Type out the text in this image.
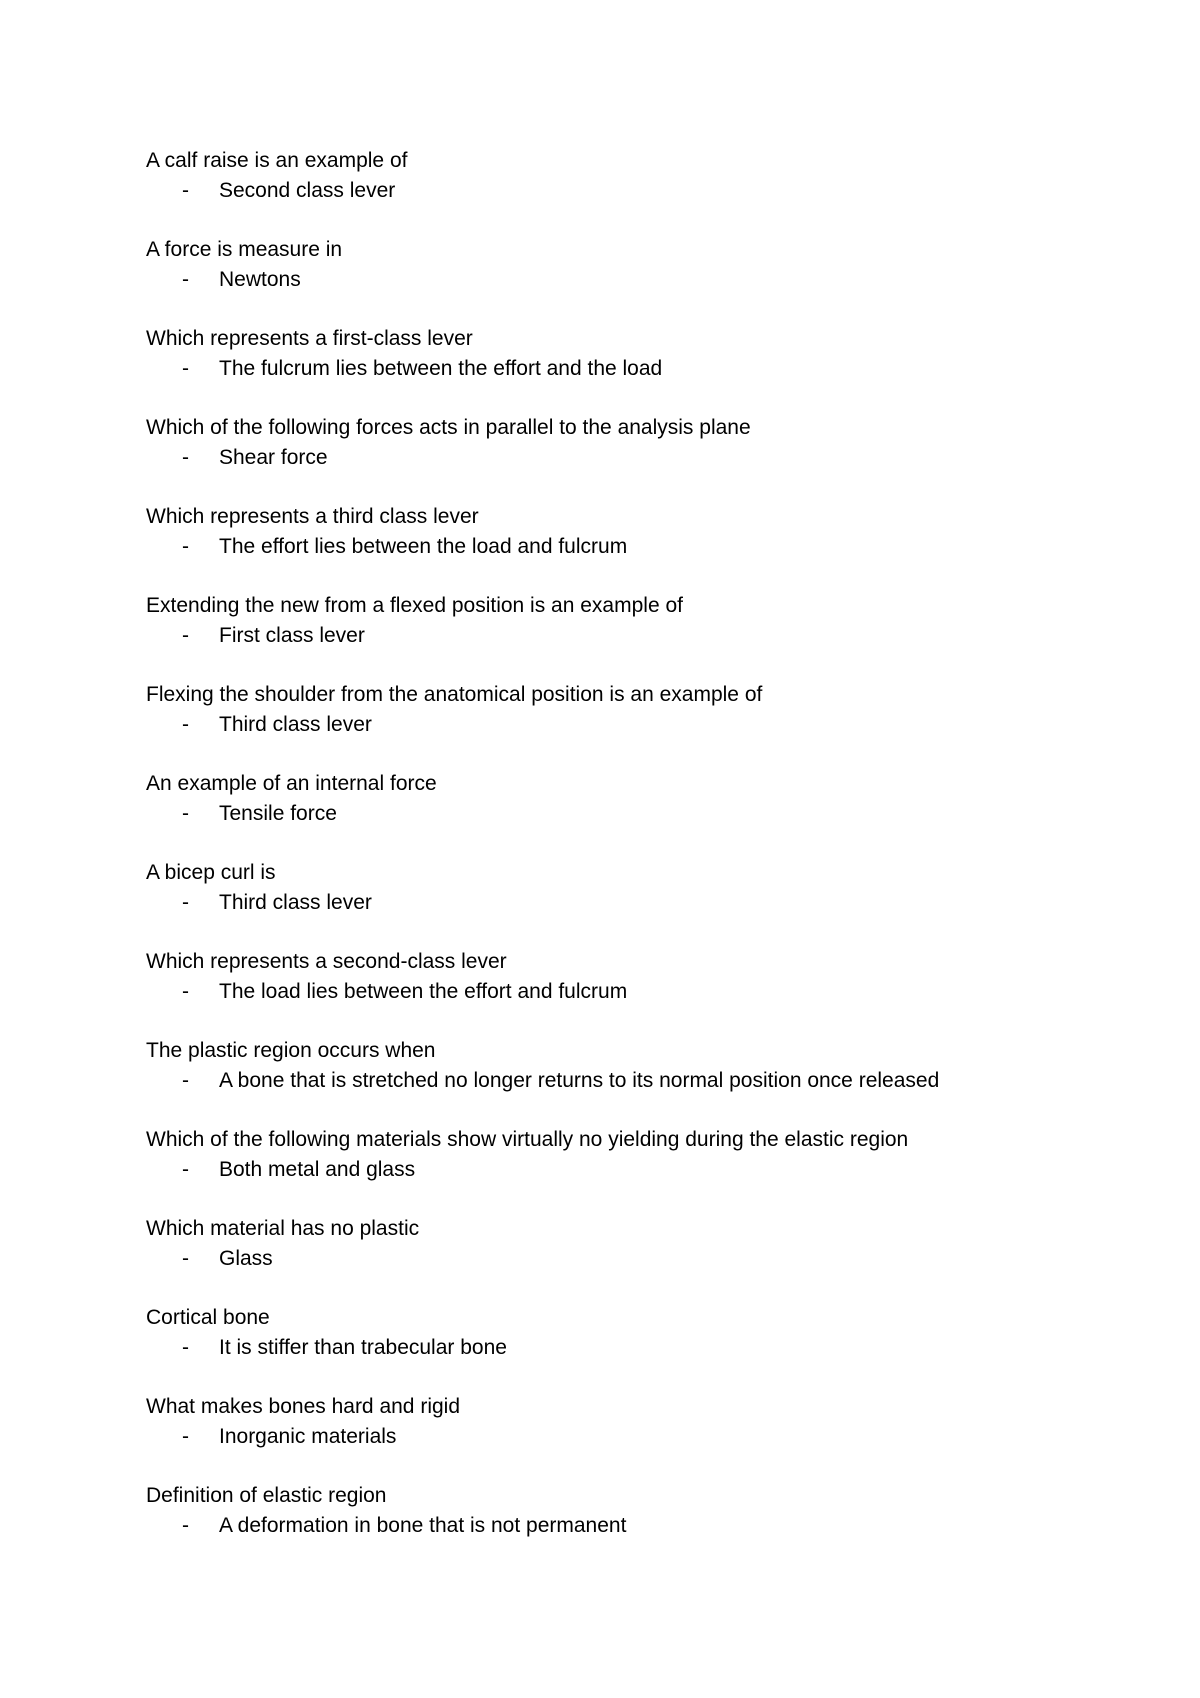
A calf raise is an example of
- Second class lever
A force is measure in
- Newtons
Which represents a first-class lever
- The fulcrum lies between the effort and the load
Which of the following forces acts in parallel to the analysis plane
- Shear force
Which represents a third class lever
- The effort lies between the load and fulcrum
Extending the new from a flexed position is an example of
- First class lever
Flexing the shoulder from the anatomical position is an example of
- Third class lever
An example of an internal force
- Tensile force
A bicep curl is
- Third class lever
Which represents a second-class lever
- The load lies between the effort and fulcrum
The plastic region occurs when
- A bone that is stretched no longer returns to its normal position once released
Which of the following materials show virtually no yielding during the elastic region
- Both metal and glass
Which material has no plastic
- Glass
Cortical bone
- It is stiffer than trabecular bone
What makes bones hard and rigid
- Inorganic materials
Definition of elastic region
- A deformation in bone that is not permanent
